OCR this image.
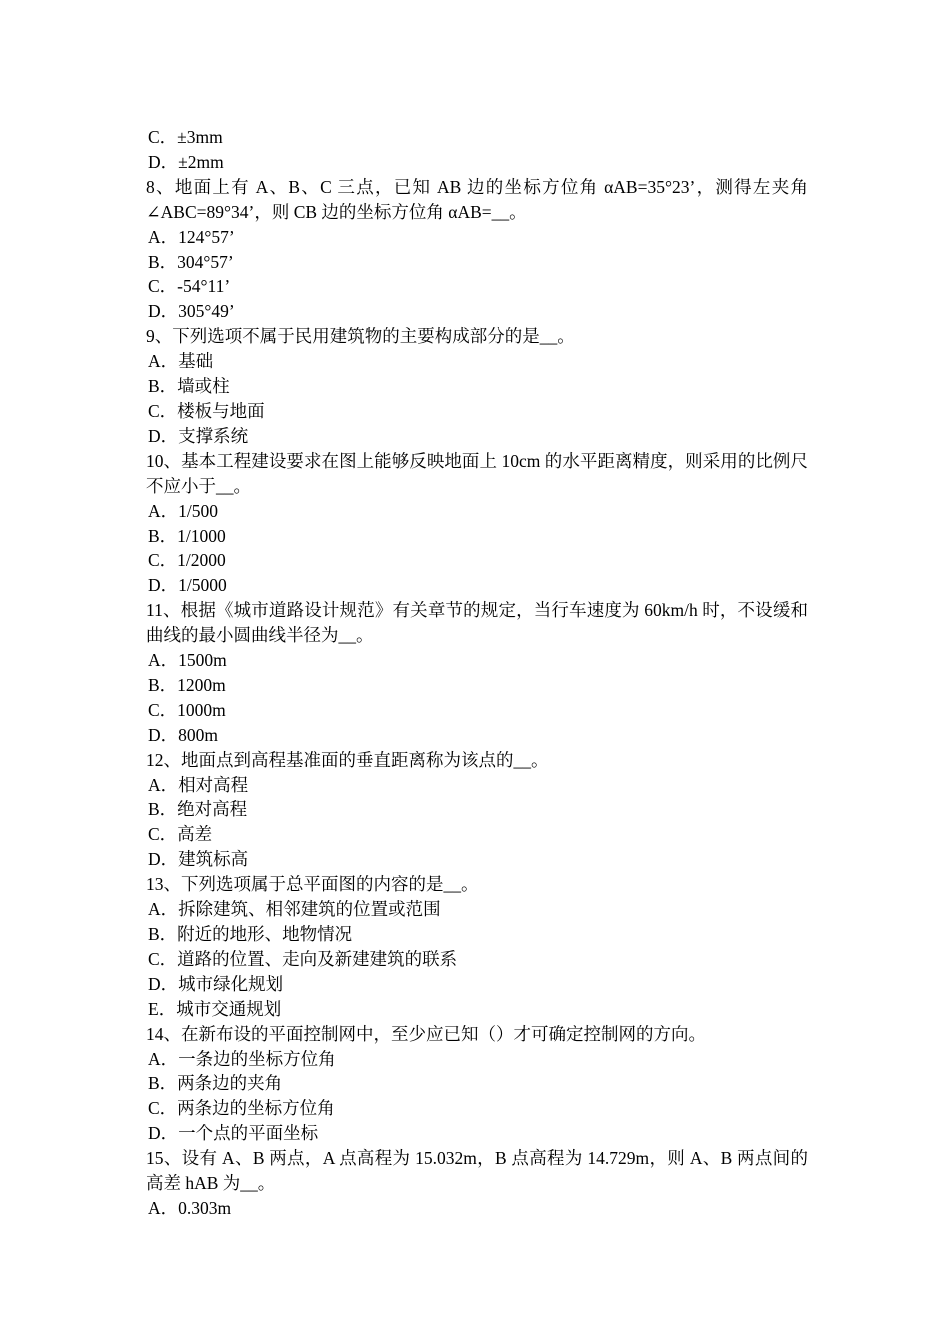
C．±3mm
D．±2mm
8、地面上有 A、B、C 三点，已知 AB 边的坐标方位角 αAB=35°23’，测得左夹角∠ABC=89°34’，则 CB 边的坐标方位角 αAB=__。
A．124°57’
B．304°57’
C．-54°11’
D．305°49’
9、下列选项不属于民用建筑物的主要构成部分的是__。
A．基础
B．墙或柱
C．楼板与地面
D．支撑系统
10、基本工程建设要求在图上能够反映地面上 10cm 的水平距离精度，则采用的比例尺不应小于__。
A．1/500
B．1/1000
C．1/2000
D．1/5000
11、根据《城市道路设计规范》有关章节的规定，当行车速度为 60km/h 时，不设缓和曲线的最小圆曲线半径为__。
A．1500m
B．1200m
C．1000m
D．800m
12、地面点到高程基准面的垂直距离称为该点的__。
A．相对高程
B．绝对高程
C．高差
D．建筑标高
13、下列选项属于总平面图的内容的是__。
A．拆除建筑、相邻建筑的位置或范围
B．附近的地形、地物情况
C．道路的位置、走向及新建建筑的联系
D．城市绿化规划
E．城市交通规划
14、在新布设的平面控制网中，至少应已知（）才可确定控制网的方向。
A．一条边的坐标方位角
B．两条边的夹角
C．两条边的坐标方位角
D．一个点的平面坐标
15、设有 A、B 两点，A 点高程为 15.032m，B 点高程为 14.729m，则 A、B 两点间的高差 hAB 为__。
A．0.303m
